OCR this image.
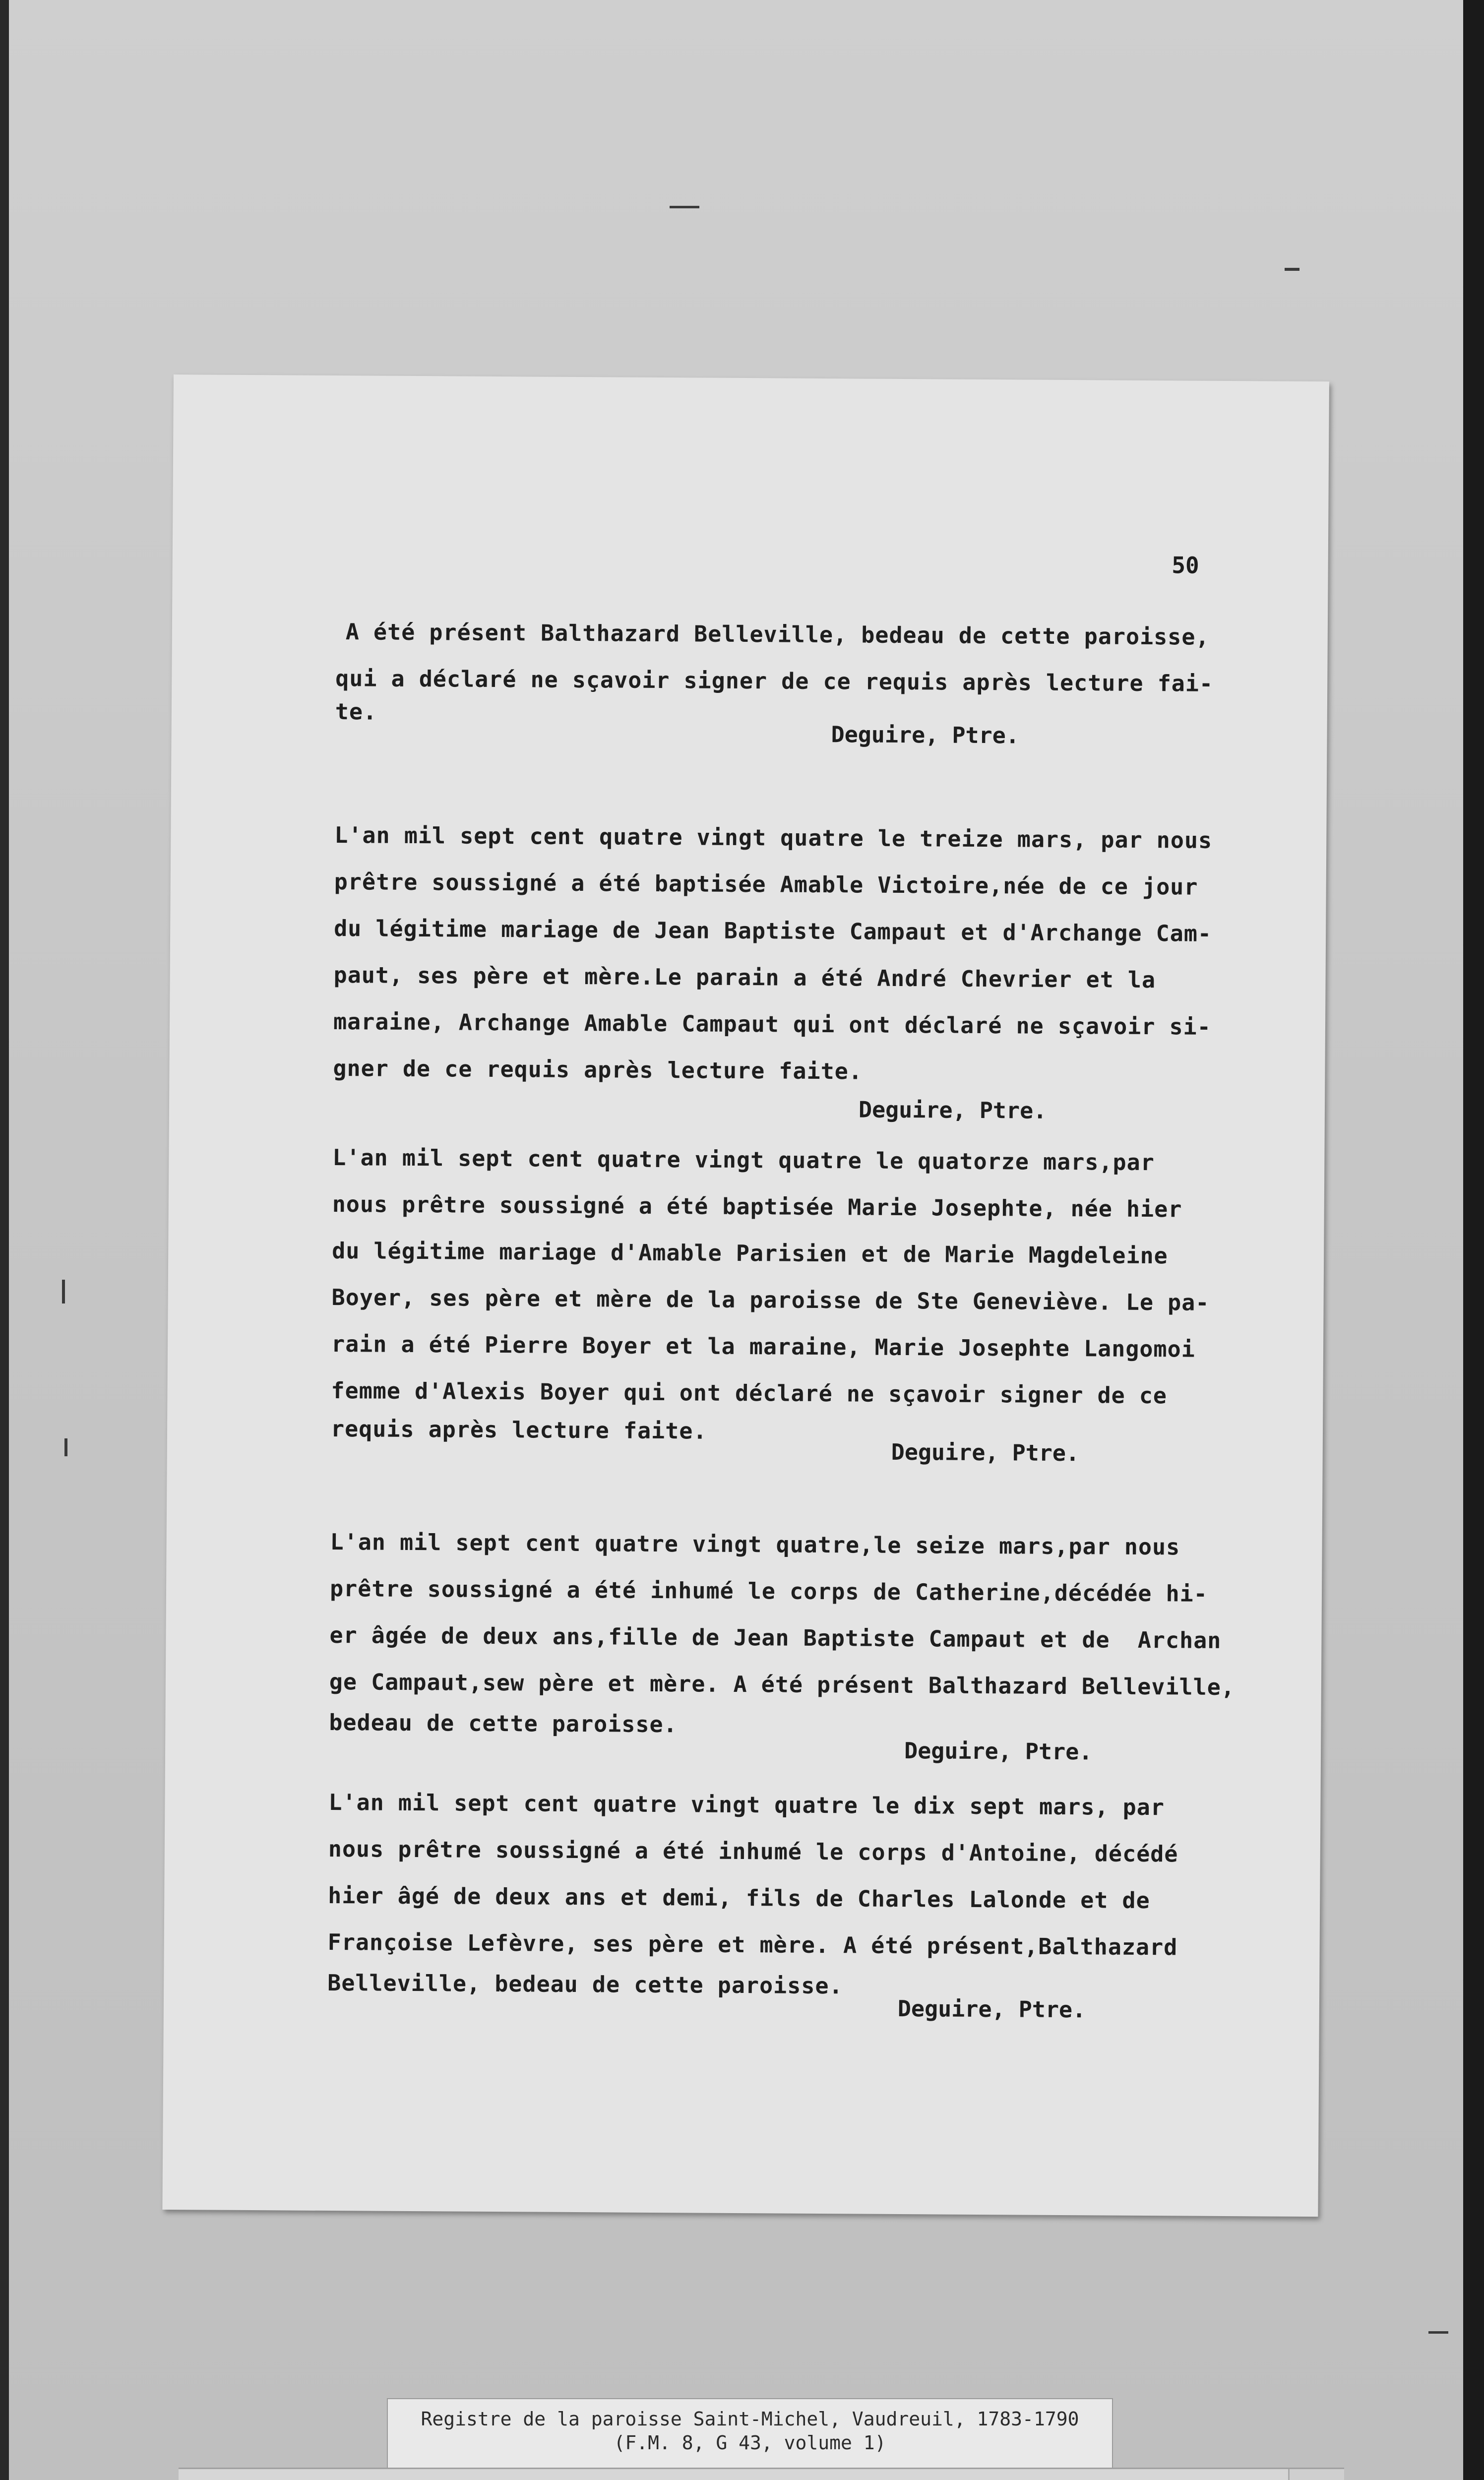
50
A été présent Balthazard Belleville, bedeau de cette paroisse,
qui a déclaré ne sçavoir signer de ce requis après lecture fai-
te.
Deguire, Ptre.
L'an mil sept cent quatre vingt quatre le treize mars, par nous
prêtre soussigné a été baptisée Amable Victoire,née de ce jour
du légitime mariage de Jean Baptiste Campaut et d'Archange Cam-
paut, ses père et mère.Le parain a été André Chevrier et la
maraine, Archange Amable Campaut qui ont déclaré ne sçavoir si-
gner de ce requis après lecture faite.
Deguire, Ptre.
L'an mil sept cent quatre vingt quatre le quatorze mars,par
nous prêtre soussigné a été baptisée Marie Josephte, née hier
du légitime mariage d'Amable Parisien et de Marie Magdeleine
Boyer, ses père et mère de la paroisse de Ste Geneviève. Le pa-
rain a été Pierre Boyer et la maraine, Marie Josephte Langomoi
femme d'Alexis Boyer qui ont déclaré ne sçavoir signer de ce
requis après lecture faite.
Deguire, Ptre.
L'an mil sept cent quatre vingt quatre,le seize mars,par nous
prêtre soussigné a été inhumé le corps de Catherine,décédée hi-
er âgée de deux ans,fille de Jean Baptiste Campaut et de  Archan
ge Campaut,sew père et mère. A été présent Balthazard Belleville,
bedeau de cette paroisse.
Deguire, Ptre.
L'an mil sept cent quatre vingt quatre le dix sept mars, par
nous prêtre soussigné a été inhumé le corps d'Antoine, décédé
hier âgé de deux ans et demi, fils de Charles Lalonde et de
Françoise Lefèvre, ses père et mère. A été présent,Balthazard
Belleville, bedeau de cette paroisse.
Deguire, Ptre.
Registre de la paroisse Saint-Michel, Vaudreuil, 1783-1790
(F.M. 8, G 43, volume 1)
